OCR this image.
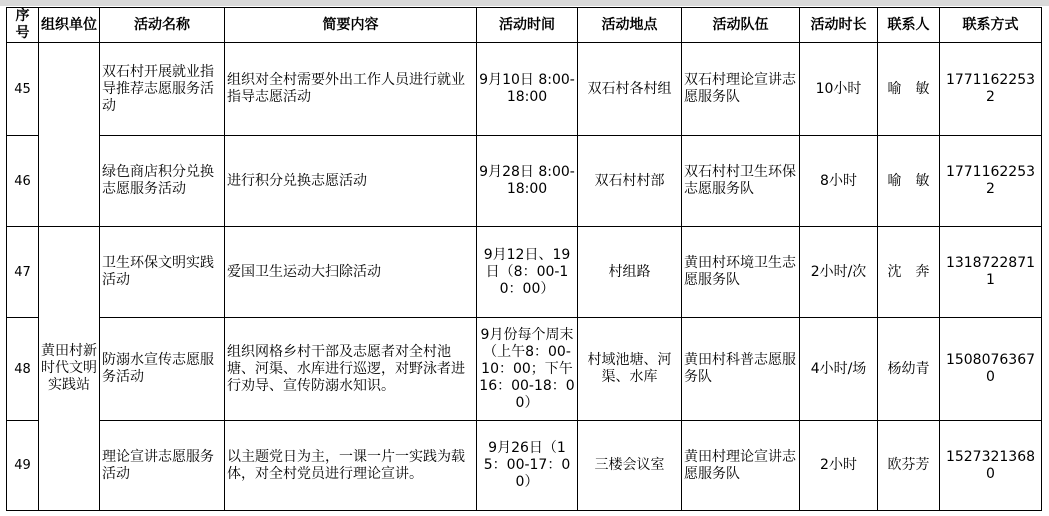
序号	组织单位	活动名称	简要内容	活动时间	活动地点	活动队伍	活动时长	联系人	联系方式
45		双石村开展就业指导推荐志愿服务活动	组织对全村需要外出工作人员进行就业指导志愿活动	9月10日 8:00-18:00	双石村各村组	双石村理论宣讲志愿服务队	10小时	喻　敏	17711622532
46		绿色商店积分兑换志愿服务活动	进行积分兑换志愿活动	9月28日 8:00-18:00	双石村村部	双石村村卫生环保志愿服务队	8小时	喻　敏	17711622532
47	黄田村新时代文明实践站	卫生环保文明实践活动	爱国卫生运动大扫除活动	9月12日、19日（8：00-10：00）	村组路	黄田村环境卫生志愿服务队	2小时/次	沈　奔	13187228711
48		防溺水宣传志愿服务活动	组织网格乡村干部及志愿者对全村池塘、河渠、水库进行巡逻，对野泳者进行劝导、宣传防溺水知识。	9月份每个周末（上午8：00-10：00；下午16：00-18：00）	村域池塘、河渠、水库	黄田村科普志愿服务队	4小时/场	杨幼青	15080763670
49		理论宣讲志愿服务活动	以主题党日为主，一课一片一实践为载体，对全村党员进行理论宣讲。	9月26日（15：00-17：00）	三楼会议室	黄田村理论宣讲志愿服务队	2小时	欧芬芳	15273213680
